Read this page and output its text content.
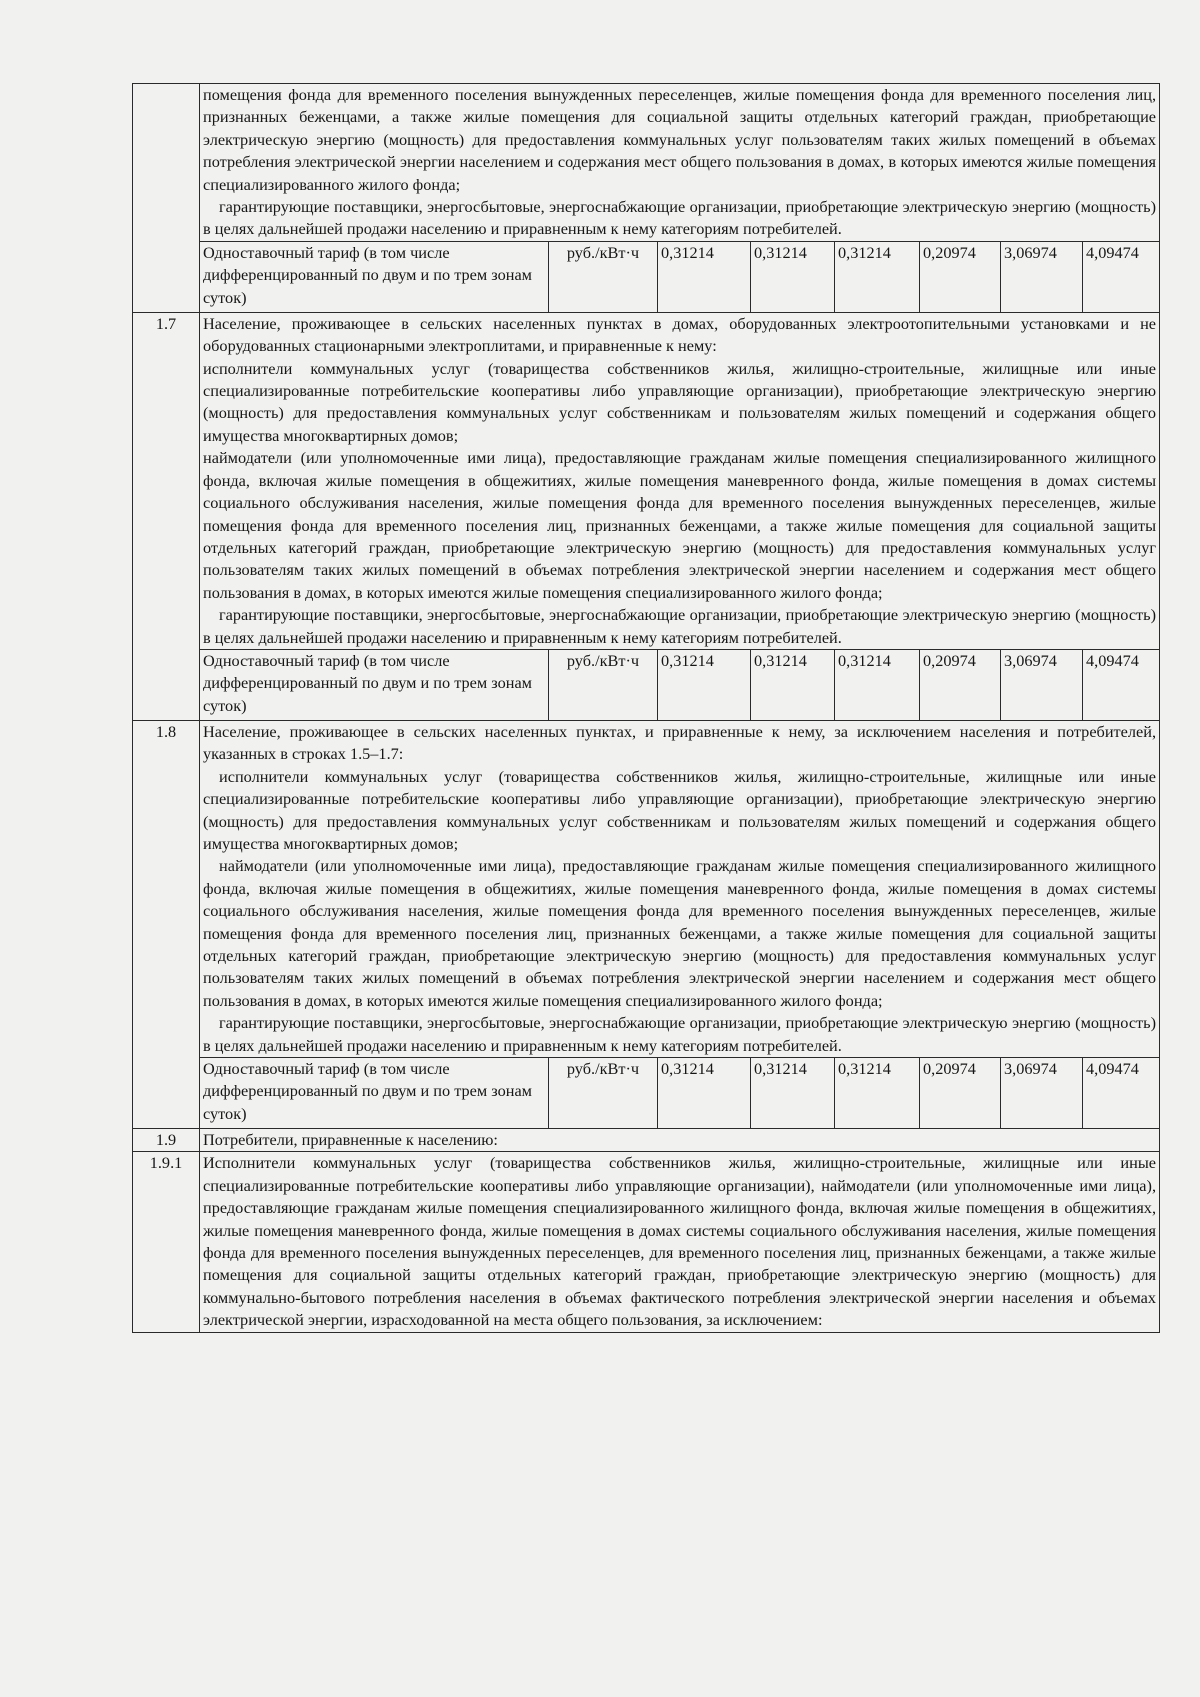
	помещения фонда для временного поселения вынужденных переселенцев, жилые помещения фонда для временного поселения лиц, признанных беженцами, а также жилые помещения для социальной защиты отдельных категорий граждан, приобретающие электрическую энергию (мощность) для предоставления коммунальных услуг пользователям таких жилых помещений в объемах потребления электрической энергии населением и содержания мест общего пользования в домах, в которых имеются жилые помещения специализированного жилого фонда;

гарантирующие поставщики, энергосбытовые, энергоснабжающие организации, приобретающие электрическую энергию (мощность) в целях дальнейшей продажи населению и приравненным к нему категориям потребителей.							

	Одноставочный тариф (в том числе дифференцированный по двум и по трем зонам суток)	руб./кВт·ч	0,31214	0,31214	0,31214	0,20974	3,06974	4,09474
1.7	Население, проживающее в сельских населенных пунктах в домах, оборудованных электроотопительными установками и не оборудованных стационарными электроплитами, и приравненные к нему:

исполнители коммунальных услуг (товарищества собственников жилья, жилищно-строительные, жилищные или иные специализированные потребительские кооперативы либо управляющие организации), приобретающие электрическую энергию (мощность) для предоставления коммунальных услуг собственникам и пользователям жилых помещений и содержания общего имущества многоквартирных домов;

наймодатели (или уполномоченные ими лица), предоставляющие гражданам жилые помещения специализированного жилищного фонда, включая жилые помещения в общежитиях, жилые помещения маневренного фонда, жилые помещения в домах системы социального обслуживания населения, жилые помещения фонда для временного поселения вынужденных переселенцев, жилые помещения фонда для временного поселения лиц, признанных беженцами, а также жилые помещения для социальной защиты отдельных категорий граждан, приобретающие электрическую энергию (мощность) для предоставления коммунальных услуг пользователям таких жилых помещений в объемах потребления электрической энергии населением и содержания мест общего пользования в домах, в которых имеются жилые помещения специализированного жилого фонда;

гарантирующие поставщики, энергосбытовые, энергоснабжающие организации, приобретающие электрическую энергию (мощность) в целях дальнейшей продажи населению и приравненным к нему категориям потребителей.							

	Одноставочный тариф (в том числе дифференцированный по двум и по трем зонам суток)	руб./кВт·ч	0,31214	0,31214	0,31214	0,20974	3,06974	4,09474
1.8	Население, проживающее в сельских населенных пунктах, и приравненные к нему, за исключением населения и потребителей, указанных в строках 1.5–1.7:

исполнители коммунальных услуг (товарищества собственников жилья, жилищно-строительные, жилищные или иные специализированные потребительские кооперативы либо управляющие организации), приобретающие электрическую энергию (мощность) для предоставления коммунальных услуг собственникам и пользователям жилых помещений и содержания общего имущества многоквартирных домов;

наймодатели (или уполномоченные ими лица), предоставляющие гражданам жилые помещения специализированного жилищного фонда, включая жилые помещения в общежитиях, жилые помещения маневренного фонда, жилые помещения в домах системы социального обслуживания населения, жилые помещения фонда для временного поселения вынужденных переселенцев, жилые помещения фонда для временного поселения лиц, признанных беженцами, а также жилые помещения для социальной защиты отдельных категорий граждан, приобретающие электрическую энергию (мощность) для предоставления коммунальных услуг пользователям таких жилых помещений в объемах потребления электрической энергии населением и содержания мест общего пользования в домах, в которых имеются жилые помещения специализированного жилого фонда;

гарантирующие поставщики, энергосбытовые, энергоснабжающие организации, приобретающие электрическую энергию (мощность) в целях дальнейшей продажи населению и приравненным к нему категориям потребителей.							

	Одноставочный тариф (в том числе дифференцированный по двум и по трем зонам суток)	руб./кВт·ч	0,31214	0,31214	0,31214	0,20974	3,06974	4,09474
1.9	Потребители, приравненные к населению:							

1.9.1	Исполнители коммунальных услуг (товарищества собственников жилья, жилищно-строительные, жилищные или иные специализированные потребительские кооперативы либо управляющие организации), наймодатели (или уполномоченные ими лица), предоставляющие гражданам жилые помещения специализированного жилищного фонда, включая жилые помещения в общежитиях, жилые помещения маневренного фонда, жилые помещения в домах системы социального обслуживания населения, жилые помещения фонда для временного поселения вынужденных переселенцев, для временного поселения лиц, признанных беженцами, а также жилые помещения для социальной защиты отдельных категорий граждан, приобретающие электрическую энергию (мощность) для коммунально-бытового потребления населения в объемах фактического потребления электрической энергии населения и объемах электрической энергии, израсходованной на места общего пользования, за исключением:							
